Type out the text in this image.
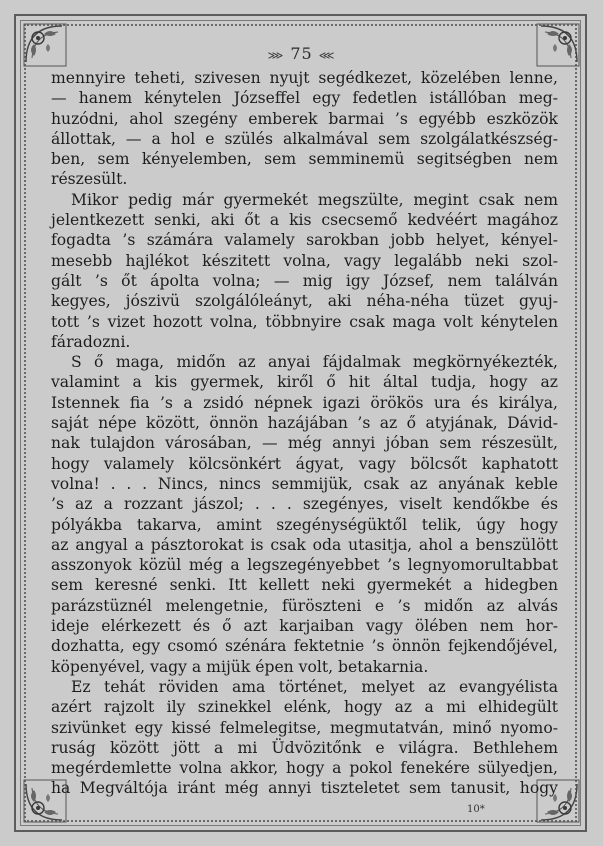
⋙ 75 ⋘
mennyire teheti, szivesen nyujt segédkezet, közelében lenne,
— hanem kénytelen Józseffel egy fedetlen istállóban meg-
huzódni, ahol szegény emberek barmai ’s egyébb eszközök
állottak, — a hol e szülés alkalmával sem szolgálatkészség-
ben, sem kényelemben, sem semminemü segitségben nem
részesült.
Mikor pedig már gyermekét megszülte, megint csak nem
jelentkezett senki, aki őt a kis csecsemő kedvéért magához
fogadta ’s számára valamely sarokban jobb helyet, kényel-
mesebb hajlékot készitett volna, vagy legalább neki szol-
gált ’s őt ápolta volna; — mig igy József, nem találván
kegyes, jószivü szolgálóleányt, aki néha-néha tüzet gyuj-
tott ’s vizet hozott volna, többnyire csak maga volt kénytelen
fáradozni.
S ő maga, midőn az anyai fájdalmak megkörnyékezték,
valamint a kis gyermek, kiről ő hit által tudja, hogy az
Istennek fia ’s a zsidó népnek igazi örökös ura és királya,
saját népe között, önnön hazájában ’s az ő atyjának, Dávid-
nak tulajdon városában, — még annyi jóban sem részesült,
hogy valamely kölcsönkért ágyat, vagy bölcsőt kaphatott
volna! . . . Nincs, nincs semmijük, csak az anyának keble
’s az a rozzant jászol; . . . szegényes, viselt kendőkbe és
pólyákba takarva, amint szegénységüktől telik, úgy hogy
az angyal a pásztorokat is csak oda utasitja, ahol a benszülött
asszonyok közül még a legszegényebbet ’s legnyomorultabbat
sem keresné senki. Itt kellett neki gyermekét a hidegben
parázstüznél melengetnie, füröszteni e ’s midőn az alvás
ideje elérkezett és ő azt karjaiban vagy ölében nem hor-
dozhatta, egy csomó szénára fektetnie ’s önnön fejkendőjével,
köpenyével, vagy a mijük épen volt, betakarnia.
Ez tehát röviden ama történet, melyet az evangyélista
azért rajzolt ily szinekkel elénk, hogy az a mi elhidegült
szivünket egy kissé felmelegitse, megmutatván, minő nyomo-
ruság között jött a mi Üdvözitőnk e világra. Bethlehem
megérdemlette volna akkor, hogy a pokol fenekére sülyedjen,
ha Megváltója iránt még annyi tiszteletet sem tanusit, hogy
10*
